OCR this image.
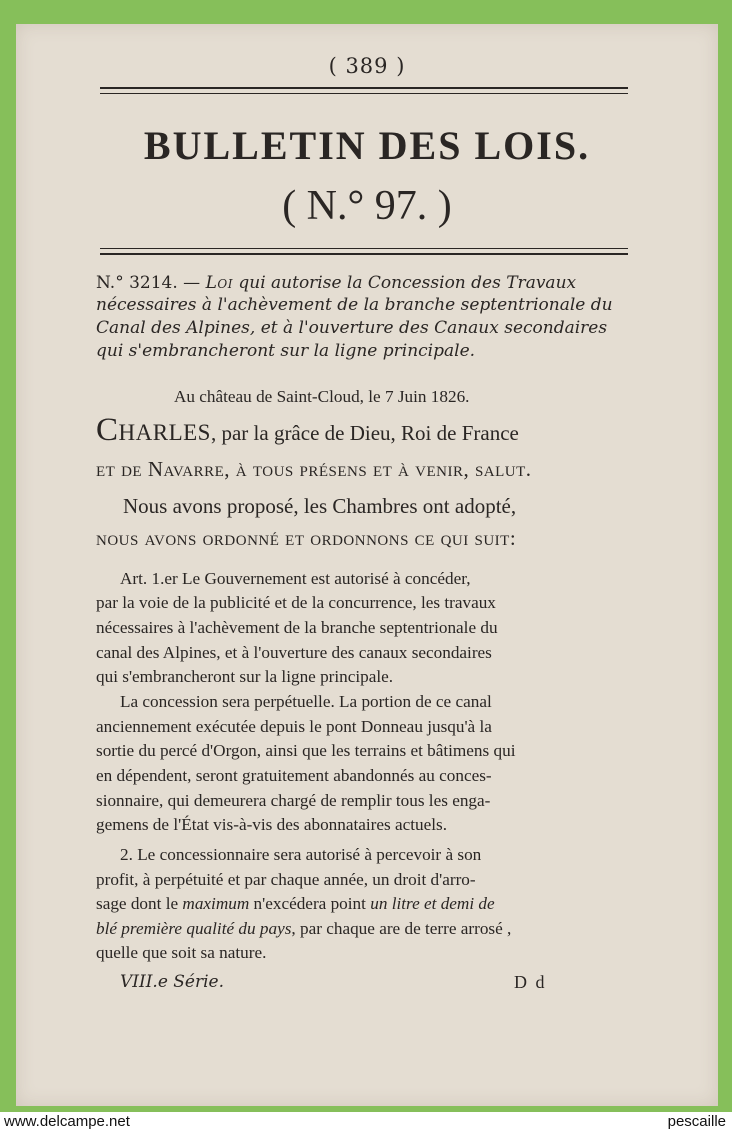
( 389 )
BULLETIN DES LOIS.
( N.° 97. )
N.° 3214. — Loi qui autorise la Concession des Travaux
nécessaires à l'achèvement de la branche septentrionale du
Canal des Alpines, et à l'ouverture des Canaux secondaires
qui s'embrancheront sur la ligne principale.
Au château de Saint-Cloud, le 7 Juin 1826.
Charles, par la grâce de Dieu, Roi de France
et de Navarre, à tous présens et à venir, salut.
Nous avons proposé, les Chambres ont adopté,
nous avons ordonné et ordonnons ce qui suit:
Art. 1.er Le Gouvernement est autorisé à concéder,
par la voie de la publicité et de la concurrence, les travaux
nécessaires à l'achèvement de la branche septentrionale du
canal des Alpines, et à l'ouverture des canaux secondaires
qui s'embrancheront sur la ligne principale.
La concession sera perpétuelle. La portion de ce canal
anciennement exécutée depuis le pont Donneau jusqu'à la
sortie du percé d'Orgon, ainsi que les terrains et bâtimens qui
en dépendent, seront gratuitement abandonnés au conces-
sionnaire, qui demeurera chargé de remplir tous les enga-
gemens de l'État vis-à-vis des abonnataires actuels.
2. Le concessionnaire sera autorisé à percevoir à son
profit, à perpétuité et par chaque année, un droit d'arro-
sage dont le maximum n'excédera point un litre et demi de
blé première qualité du pays, par chaque are de terre arrosé ,
quelle que soit sa nature.
VIII.e Série.	D d
www.delcampe.net	pescaille
